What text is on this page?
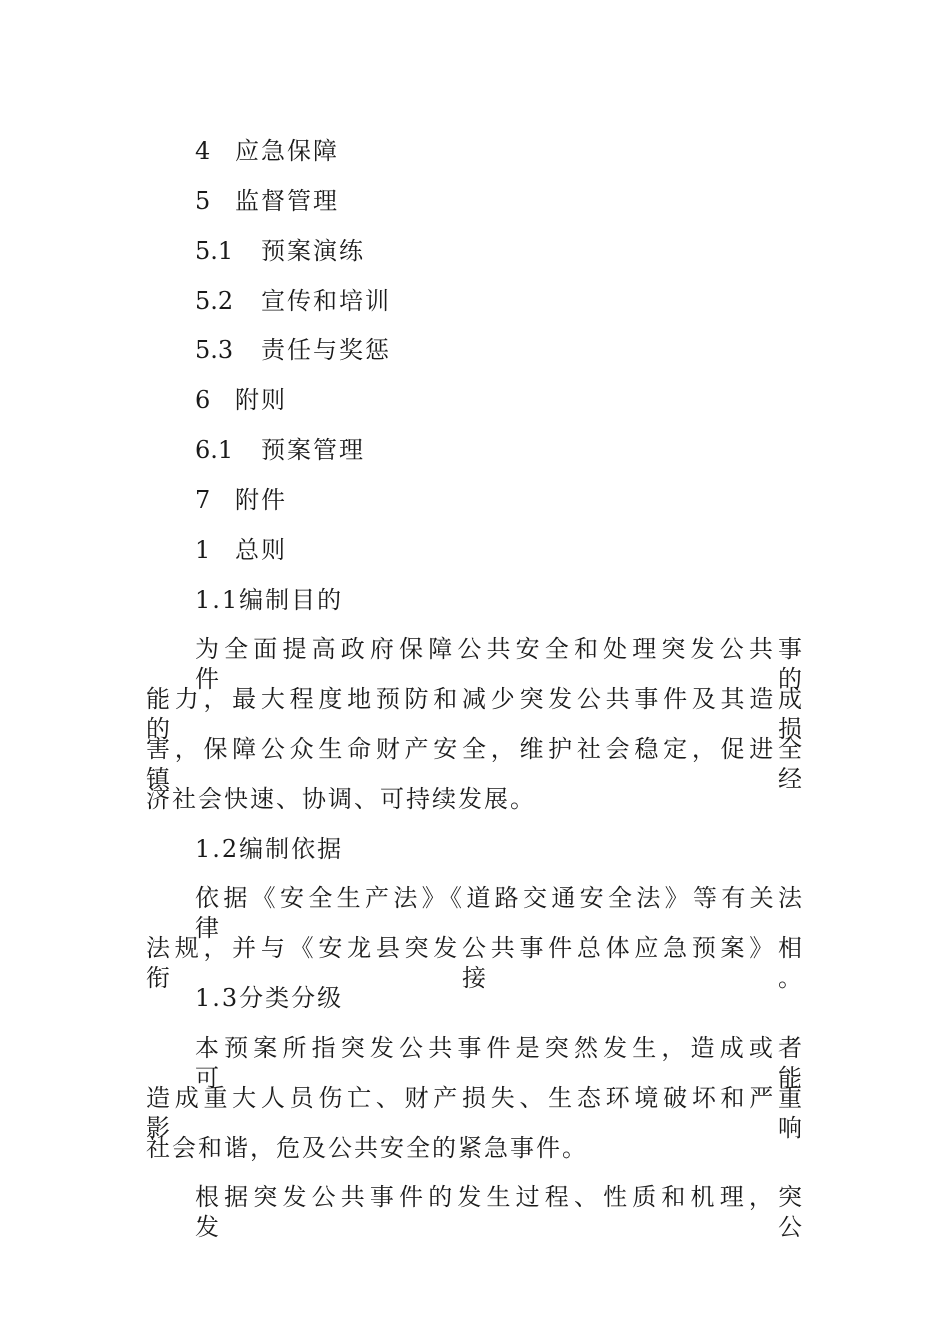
4 应急保障
5 监督管理
5.1 预案演练
5.2 宣传和培训
5.3 责任与奖惩
6 附则
6.1 预案管理
7 附件
1 总则
1.1编制目的
为全面提高政府保障公共安全和处理突发公共事件的
能力，最大程度地预防和减少突发公共事件及其造成的损
害，保障公众生命财产安全，维护社会稳定，促进全镇经
济社会快速、协调、可持续发展。
1.2编制依据
依据《安全生产法》《道路交通安全法》等有关法律
法规，并与《安龙县突发公共事件总体应急预案》相衔接。
1.3分类分级
本预案所指突发公共事件是突然发生，造成或者可能
造成重大人员伤亡、财产损失、生态环境破坏和严重影响
社会和谐，危及公共安全的紧急事件。
根据突发公共事件的发生过程、性质和机理，突发公
